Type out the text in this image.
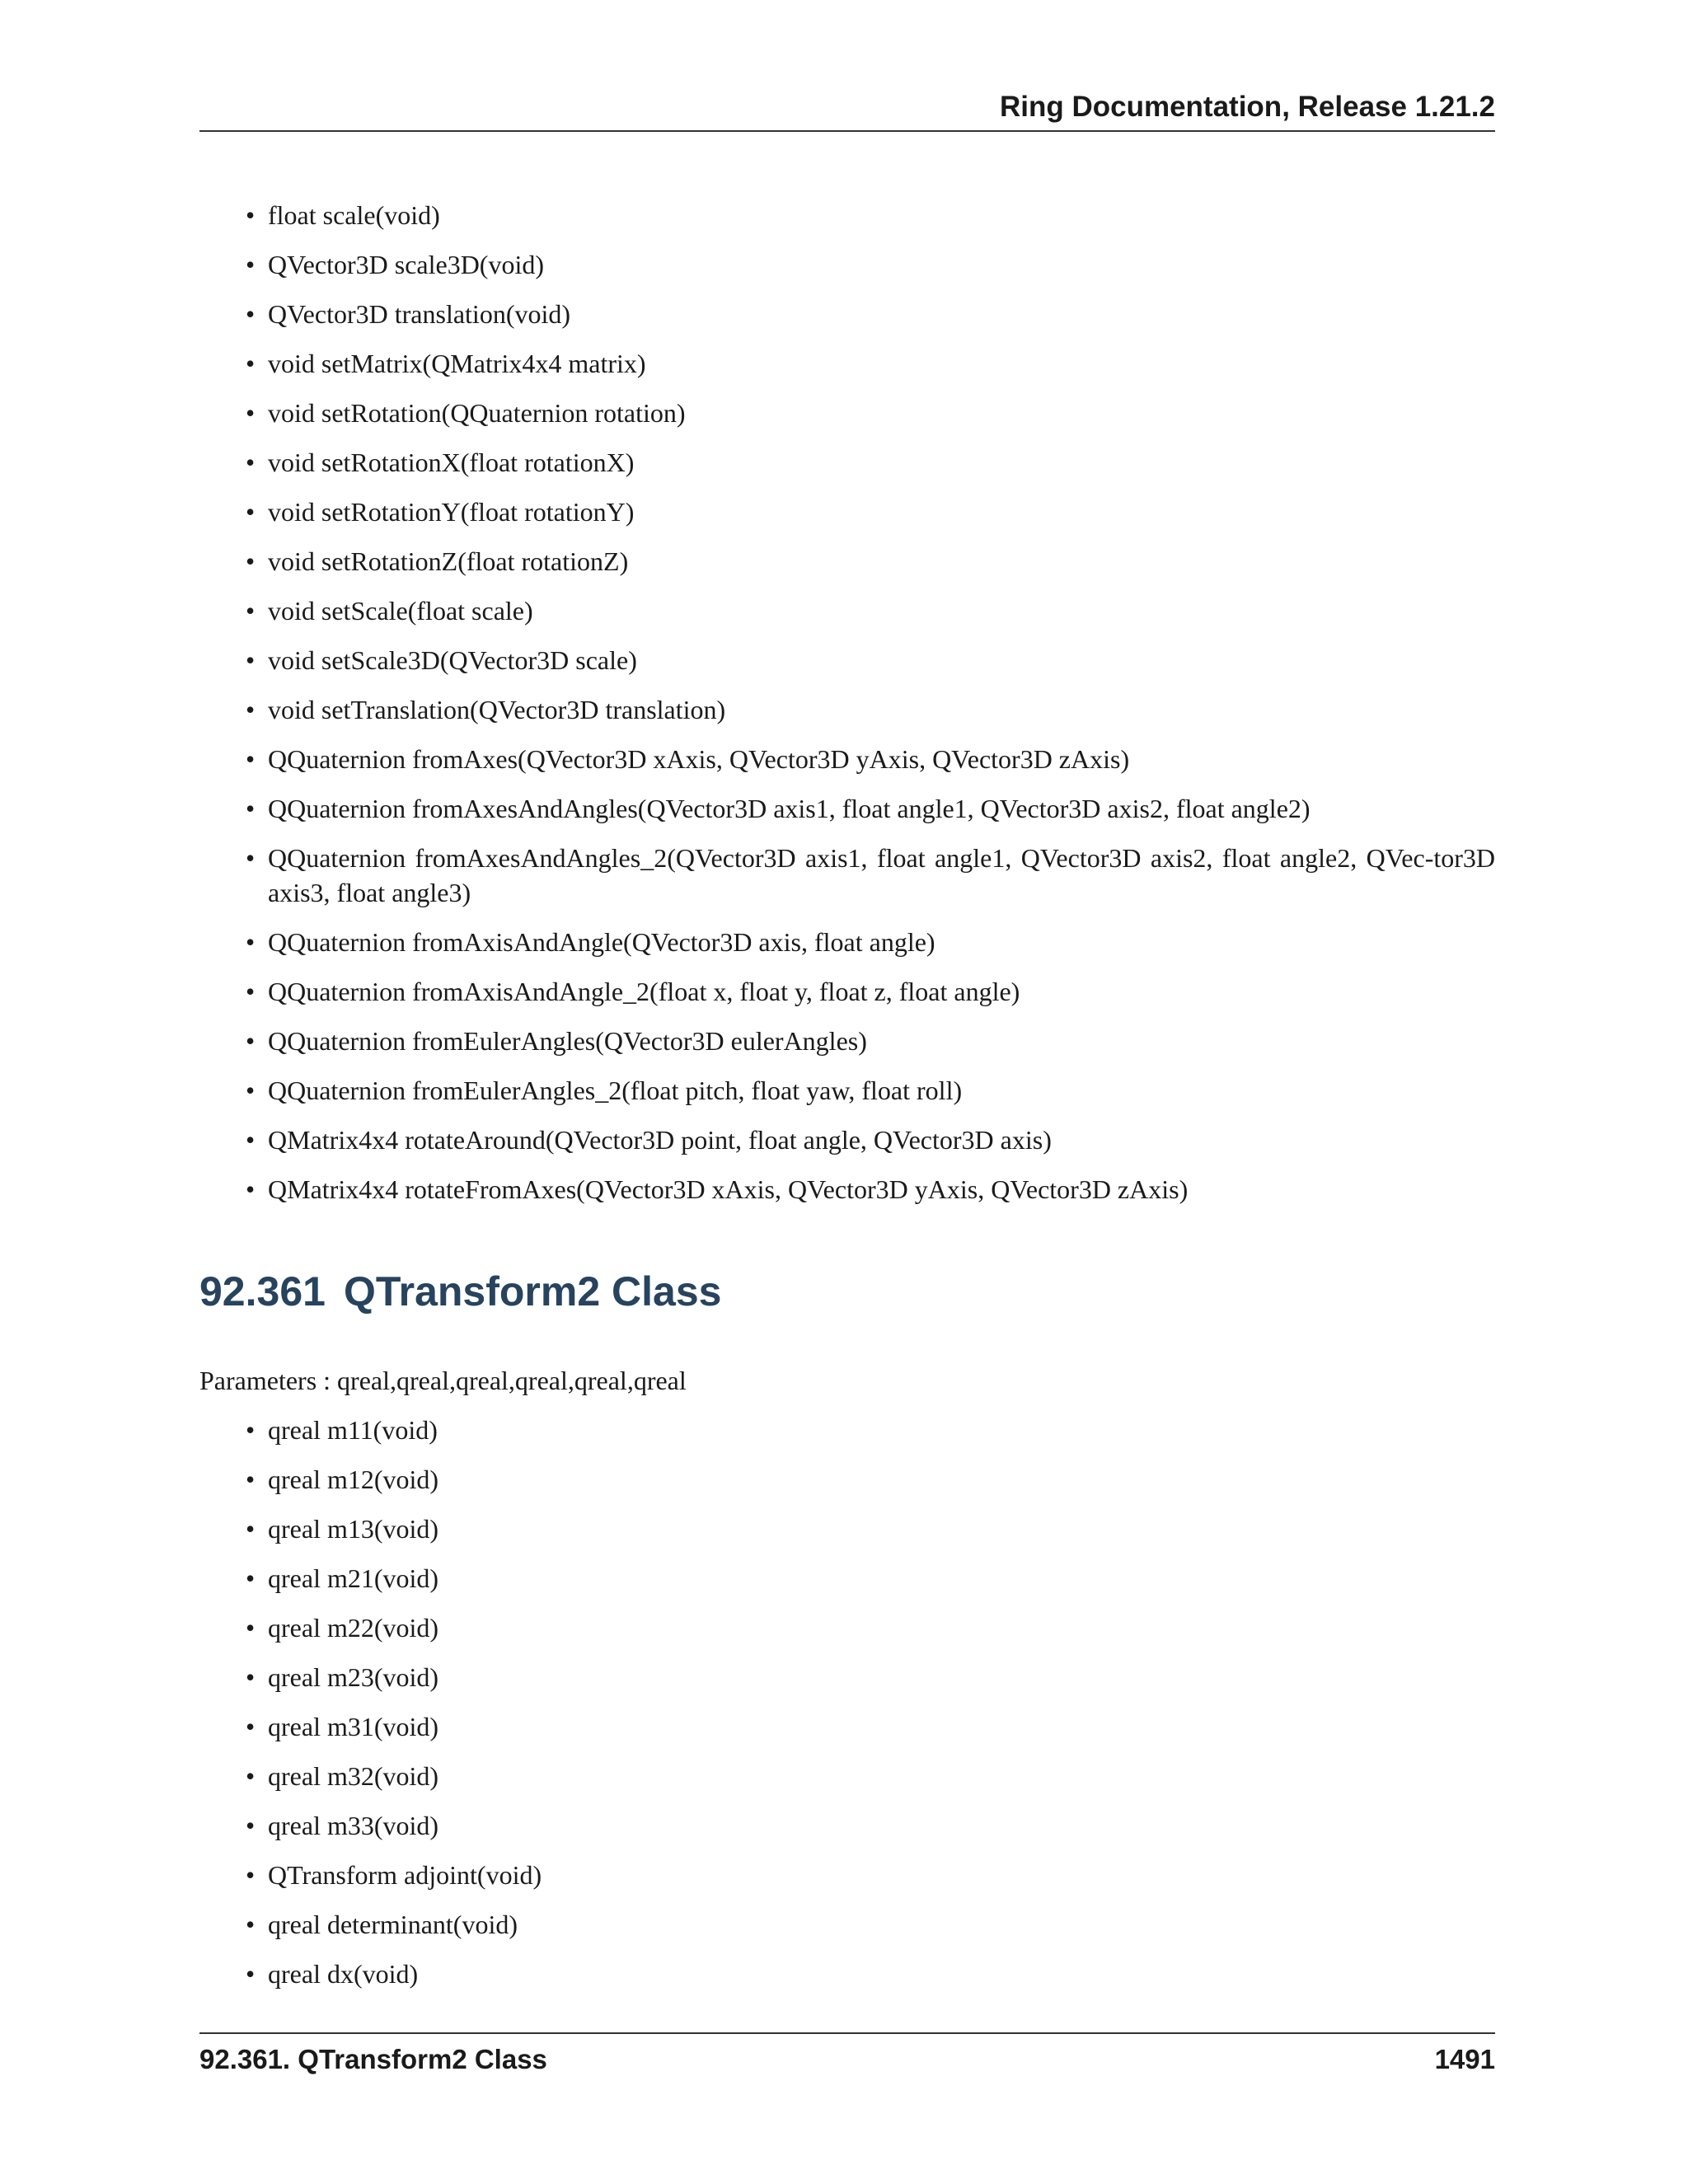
Ring Documentation, Release 1.21.2
• float scale(void)
• QVector3D scale3D(void)
• QVector3D translation(void)
• void setMatrix(QMatrix4x4 matrix)
• void setRotation(QQuaternion rotation)
• void setRotationX(float rotationX)
• void setRotationY(float rotationY)
• void setRotationZ(float rotationZ)
• void setScale(float scale)
• void setScale3D(QVector3D scale)
• void setTranslation(QVector3D translation)
• QQuaternion fromAxes(QVector3D xAxis, QVector3D yAxis, QVector3D zAxis)
• QQuaternion fromAxesAndAngles(QVector3D axis1, float angle1, QVector3D axis2, float angle2)
• QQuaternion fromAxesAndAngles_2(QVector3D axis1, float angle1, QVector3D axis2, float angle2, QVec-tor3D axis3, float angle3)
• QQuaternion fromAxisAndAngle(QVector3D axis, float angle)
• QQuaternion fromAxisAndAngle_2(float x, float y, float z, float angle)
• QQuaternion fromEulerAngles(QVector3D eulerAngles)
• QQuaternion fromEulerAngles_2(float pitch, float yaw, float roll)
• QMatrix4x4 rotateAround(QVector3D point, float angle, QVector3D axis)
• QMatrix4x4 rotateFromAxes(QVector3D xAxis, QVector3D yAxis, QVector3D zAxis)
92.361 QTransform2 Class
Parameters : qreal,qreal,qreal,qreal,qreal,qreal
• qreal m11(void)
• qreal m12(void)
• qreal m13(void)
• qreal m21(void)
• qreal m22(void)
• qreal m23(void)
• qreal m31(void)
• qreal m32(void)
• qreal m33(void)
• QTransform adjoint(void)
• qreal determinant(void)
• qreal dx(void)
92.361. QTransform2 Class	1491
